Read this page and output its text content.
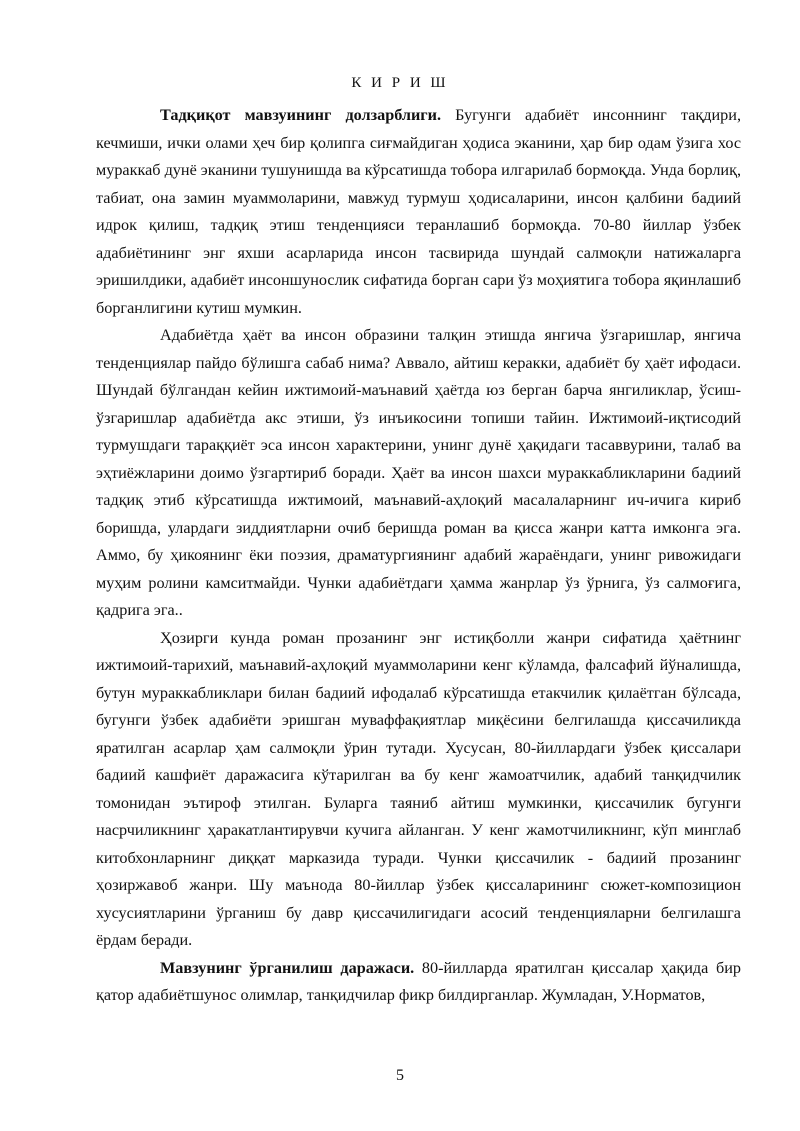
К И Р И Ш

Тадқиқот мавзуининг долзарблиги. Бугунги адабиёт инсоннинг тақдири, кечмиши, ички олами ҳеч бир қолипга сиғмайдиган ҳодиса эканини, ҳар бир одам ўзига хос мураккаб дунё эканини тушунишда ва кўрсатишда тобора илгарилаб бормоқда. Унда борлиқ, табиат, она замин муаммоларини, мавжуд турмуш ҳодисаларини, инсон қалбини бадиий идрок қилиш, тадқиқ этиш тенденцияси теранлашиб бормоқда. 70-80 йиллар ўзбек адабиётининг энг яхши асарларида инсон тасвирида шундай салмоқли натижаларга эришилдики, адабиёт инсоншунослик сифатида борган сари ўз моҳиятига тобора яқинлашиб борганлигини кутиш мумкин.

Адабиётда ҳаёт ва инсон образини талқин этишда янгича ўзгаришлар, янгича тенденциялар пайдо бўлишга сабаб нима? Аввало, айтиш керакки, адабиёт бу ҳаёт ифодаси. Шундай бўлгандан кейин ижтимоий-маънавий ҳаётда юз берган барча янгиликлар, ўсиш-ўзгаришлар адабиётда акс этиши, ўз инъикосини топиши тайин. Ижтимоий-иқтисодий турмушдаги тараққиёт эса инсон характерини, унинг дунё ҳақидаги тасаввурини, талаб ва эҳтиёжларини доимо ўзгартириб боради. Ҳаёт ва инсон шахси мураккабликларини бадиий тадқиқ этиб кўрсатишда ижтимоий, маънавий-аҳлоқий масалаларнинг ич-ичига кириб боришда, улардаги зиддиятларни очиб беришда роман ва қисса жанри катта имконга эга. Аммо, бу ҳикоянинг ёки поэзия, драматургиянинг адабий жараёндаги, унинг ривожидаги муҳим ролини камситмайди. Чунки адабиётдаги ҳамма жанрлар ўз ўрнига, ўз салмоғига, қадрига эга..

Ҳозирги кунда роман прозанинг энг истиқболли жанри сифатида ҳаётнинг ижтимоий-тарихий, маънавий-аҳлоқий муаммоларини кенг кўламда, фалсафий йўналишда, бутун мураккабликлари билан бадиий ифодалаб кўрсатишда етакчилик қилаётган бўлсада, бугунги ўзбек адабиёти эришган муваффақиятлар миқёсини белгилашда қиссачиликда яратилган асарлар ҳам салмоқли ўрин тутади. Хусусан, 80-йиллардаги ўзбек қиссалари бадиий кашфиёт даражасига кўтарилган ва бу кенг жамоатчилик, адабий танқидчилик томонидан эътироф этилган. Буларга таяниб айтиш мумкинки, қиссачилик бугунги насрчиликнинг ҳаракатлантирувчи кучига айланган. У кенг жамотчиликнинг, кўп минглаб китобхонларнинг диққат марказида туради. Чунки қиссачилик - бадиий прозанинг ҳозиржавоб жанри. Шу маънода 80-йиллар ўзбек қиссаларининг сюжет-композицион хусусиятларини ўрганиш бу давр қиссачилигидаги асосий тенденцияларни белгилашга ёрдам беради.

Мавзунинг ўрганилиш даражаси. 80-йилларда яратилган қиссалар ҳақида бир қатор адабиётшунос олимлар, танқидчилар фикр билдирганлар. Жумладан, У.Норматов,

5
